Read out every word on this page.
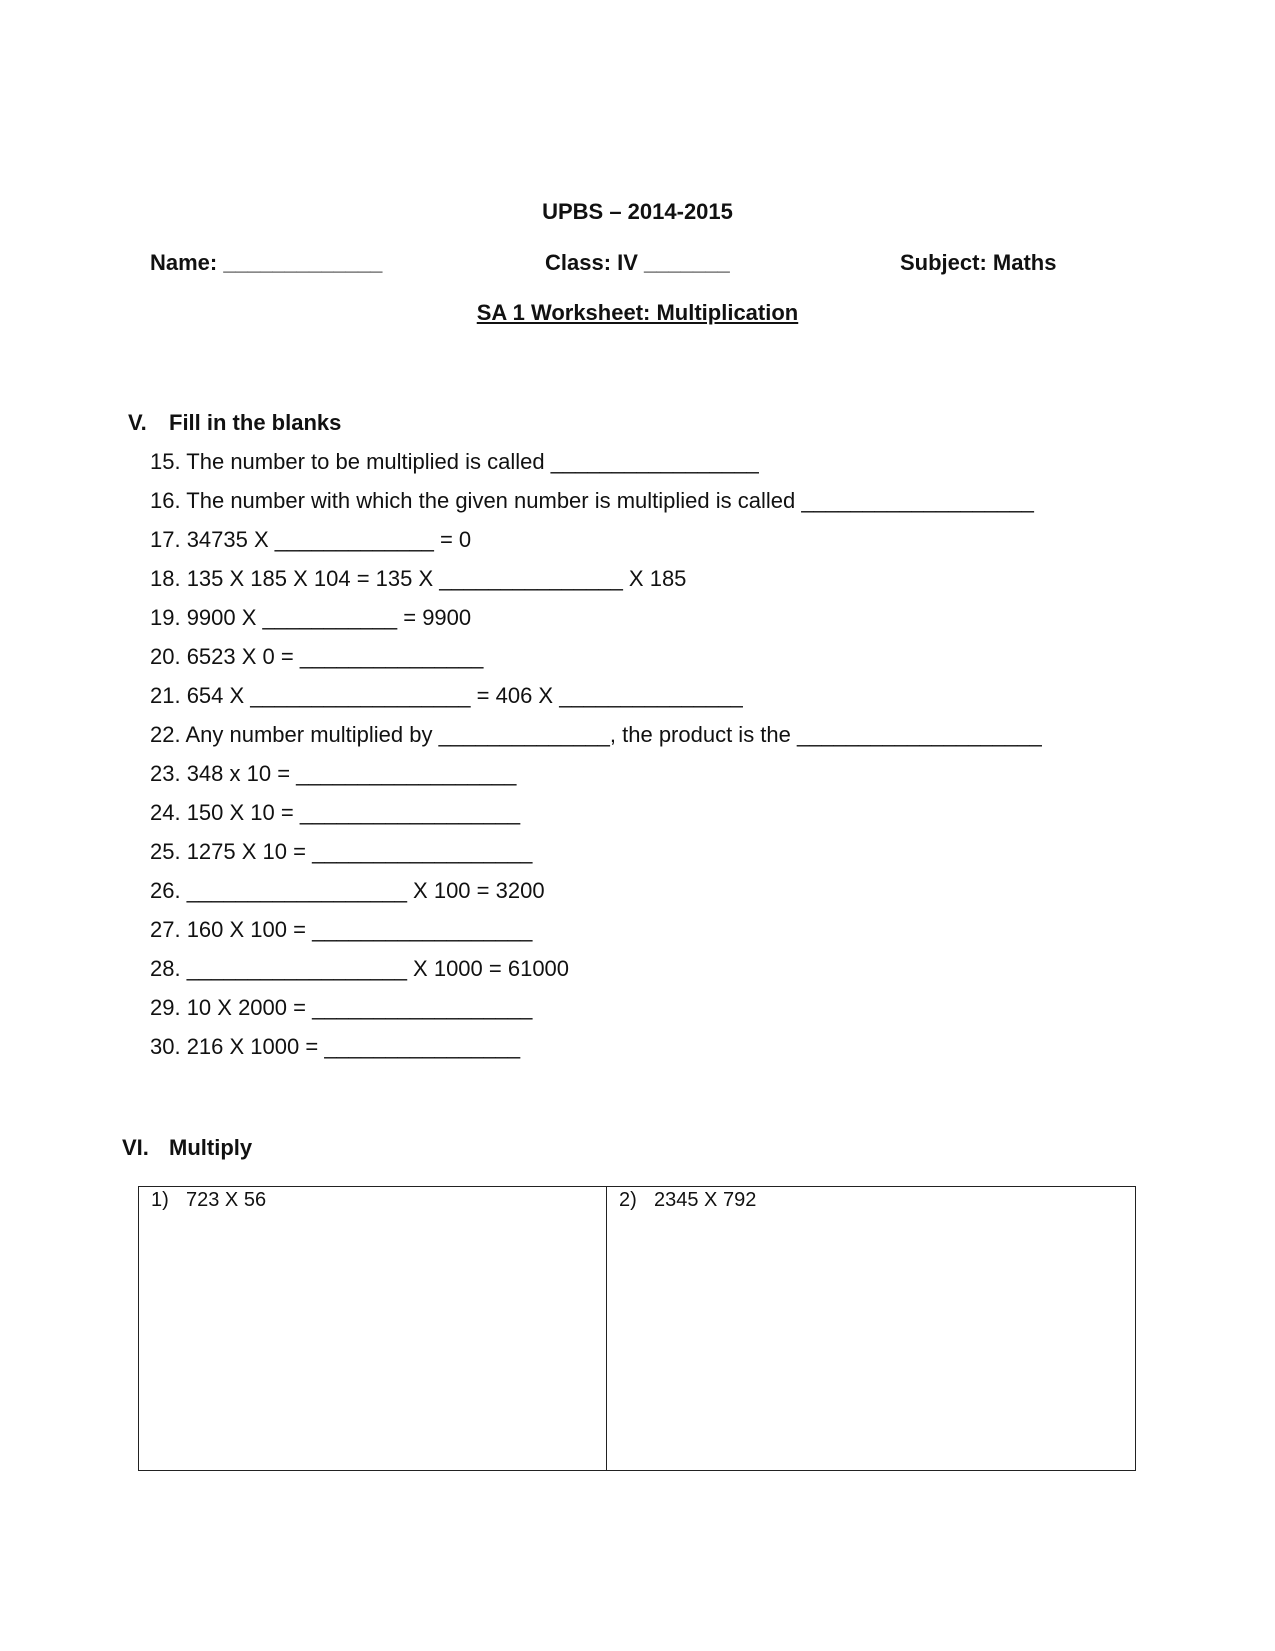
UPBS – 2014-2015
Name: _____________	Class: IV _______	Subject: Maths
SA 1 Worksheet: Multiplication
V. Fill in the blanks
15. The number to be multiplied is called _________________
16. The number with which the given number is multiplied is called ___________________
17. 34735 X _____________ = 0
18. 135 X 185 X 104 = 135 X _______________ X 185
19. 9900 X ___________ = 9900
20. 6523 X 0 = _______________
21. 654 X __________________ = 406 X _______________
22. Any number multiplied by ______________, the product is the ____________________
23. 348 x 10 = __________________
24. 150 X 10 = __________________
25. 1275 X 10 = __________________
26. __________________ X 100 = 3200
27. 160 X 100 = __________________
28. __________________ X 1000 = 61000
29. 10 X 2000 = __________________
30. 216 X 1000 = ________________
VI. Multiply
1) 723 X 56	2) 2345 X 792
